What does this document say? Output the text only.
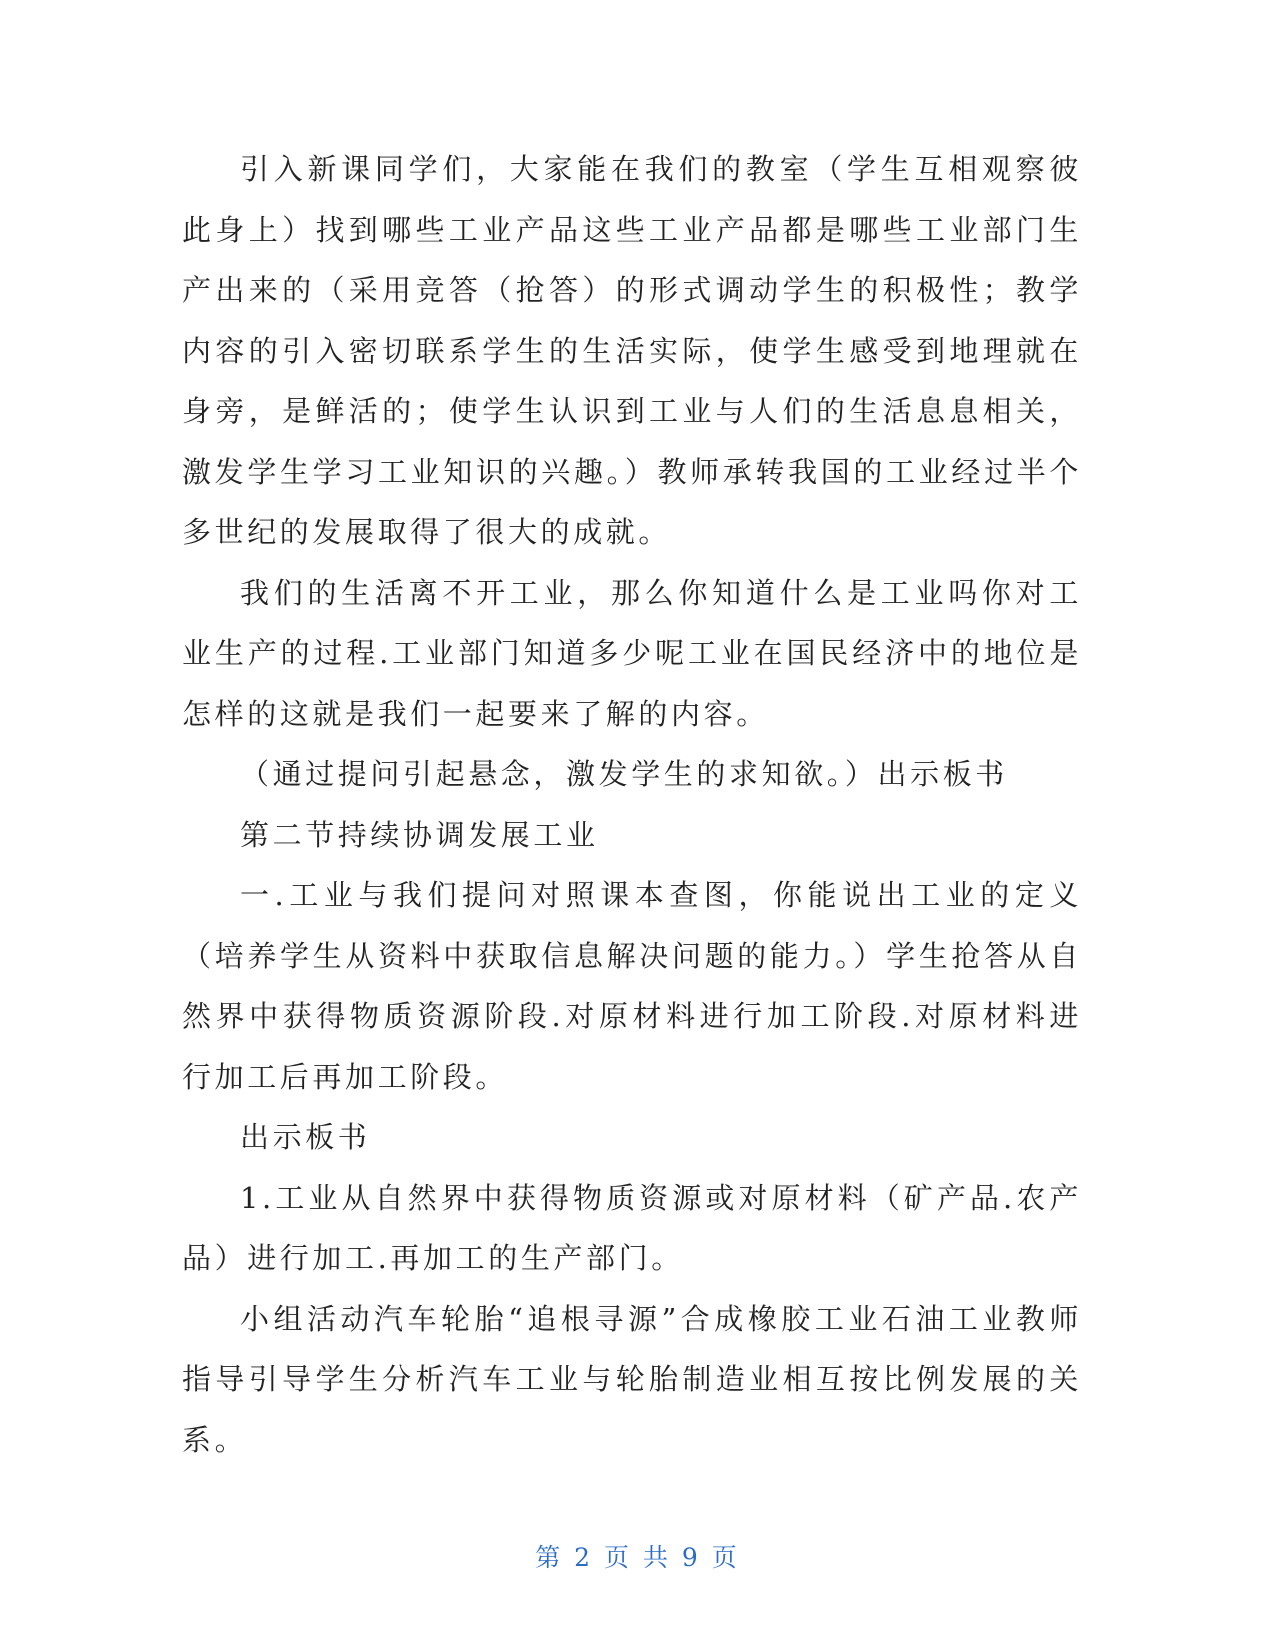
引入新课同学们，大家能在我们的教室（学生互相观察彼此身上）找到哪些工业产品这些工业产品都是哪些工业部门生产出来的（采用竞答（抢答）的形式调动学生的积极性；教学内容的引入密切联系学生的生活实际，使学生感受到地理就在身旁，是鲜活的；使学生认识到工业与人们的生活息息相关，激发学生学习工业知识的兴趣。）教师承转我国的工业经过半个多世纪的发展取得了很大的成就。

我们的生活离不开工业，那么你知道什么是工业吗你对工业生产的过程.工业部门知道多少呢工业在国民经济中的地位是怎样的这就是我们一起要来了解的内容。

（通过提问引起悬念，激发学生的求知欲。）出示板书

第二节持续协调发展工业

一.工业与我们提问对照课本查图，你能说出工业的定义（培养学生从资料中获取信息解决问题的能力。）学生抢答从自然界中获得物质资源阶段.对原材料进行加工阶段.对原材料进行加工后再加工阶段。

出示板书

1.工业从自然界中获得物质资源或对原材料（矿产品.农产品）进行加工.再加工的生产部门。

小组活动汽车轮胎“追根寻源”合成橡胶工业石油工业教师指导引导学生分析汽车工业与轮胎制造业相互按比例发展的关系。

第 2 页 共 9 页
